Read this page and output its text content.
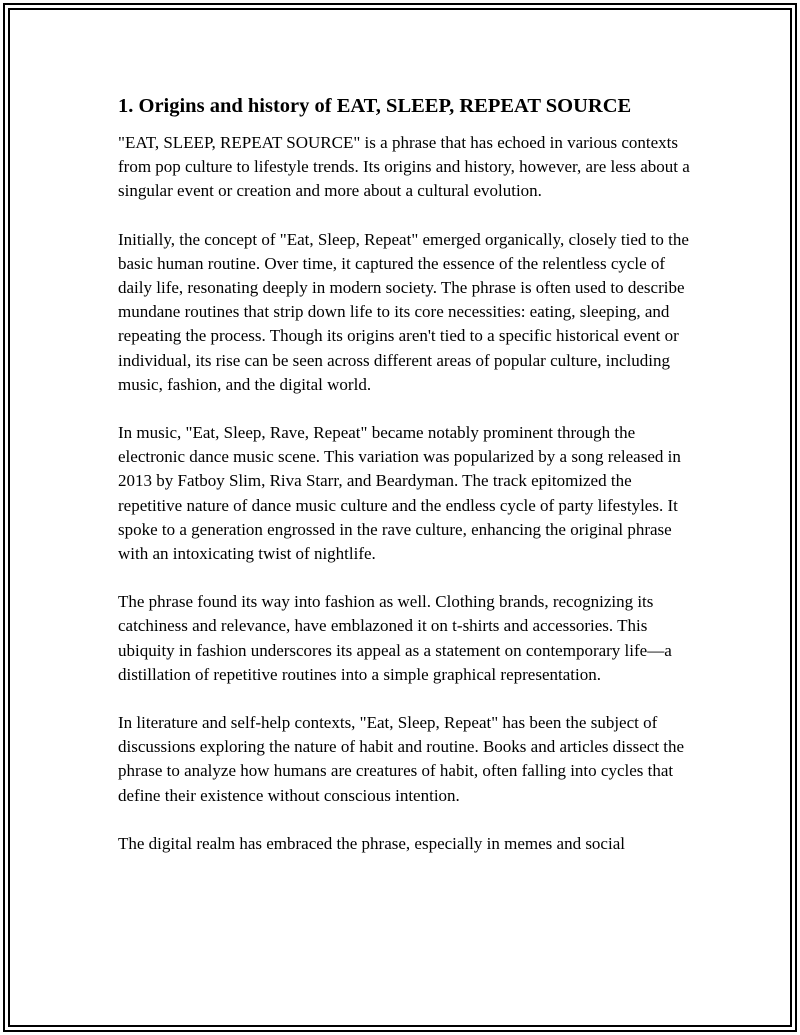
1. Origins and history of EAT, SLEEP, REPEAT SOURCE

"EAT, SLEEP, REPEAT SOURCE" is a phrase that has echoed in various contexts from pop culture to lifestyle trends. Its origins and history, however, are less about a singular event or creation and more about a cultural evolution.

Initially, the concept of "Eat, Sleep, Repeat" emerged organically, closely tied to the basic human routine. Over time, it captured the essence of the relentless cycle of daily life, resonating deeply in modern society. The phrase is often used to describe mundane routines that strip down life to its core necessities: eating, sleeping, and repeating the process. Though its origins aren't tied to a specific historical event or individual, its rise can be seen across different areas of popular culture, including music, fashion, and the digital world.

In music, "Eat, Sleep, Rave, Repeat" became notably prominent through the electronic dance music scene. This variation was popularized by a song released in 2013 by Fatboy Slim, Riva Starr, and Beardyman. The track epitomized the repetitive nature of dance music culture and the endless cycle of party lifestyles. It spoke to a generation engrossed in the rave culture, enhancing the original phrase with an intoxicating twist of nightlife.

The phrase found its way into fashion as well. Clothing brands, recognizing its catchiness and relevance, have emblazoned it on t-shirts and accessories. This ubiquity in fashion underscores its appeal as a statement on contemporary life—a distillation of repetitive routines into a simple graphical representation.

In literature and self-help contexts, "Eat, Sleep, Repeat" has been the subject of discussions exploring the nature of habit and routine. Books and articles dissect the phrase to analyze how humans are creatures of habit, often falling into cycles that define their existence without conscious intention.

The digital realm has embraced the phrase, especially in memes and social
